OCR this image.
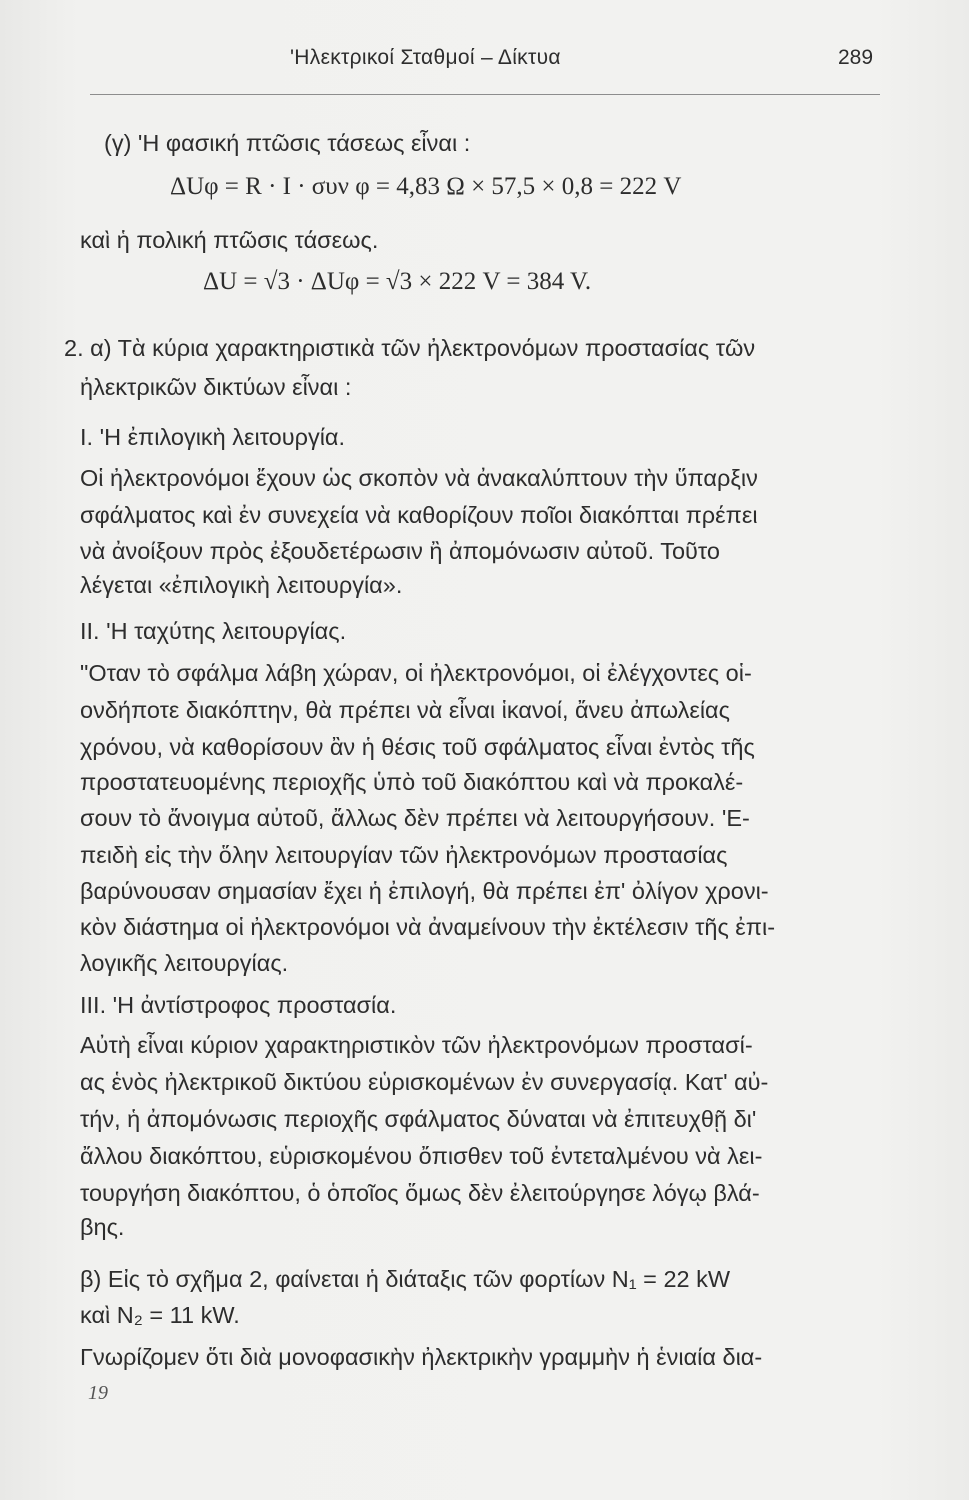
'Ηλεκτρικοί Σταθμοί – Δίκτυα	289
(γ) 'Η φασική πτῶσις τάσεως εἶναι :
ΔUφ = R · I · συν φ = 4,83 Ω × 57,5 × 0,8 = 222 V
καὶ ἡ πολική πτῶσις τάσεως.
ΔU = √3 · ΔUφ = √3 × 222 V = 384 V.
2. α) Τὰ κύρια χαρακτηριστικὰ τῶν ἠλεκτρονόμων προστασίας τῶν
ἠλεκτρικῶν δικτύων εἶναι :
Ι. 'Η ἐπιλογικὴ λειτουργία.
Οἱ ἠλεκτρονόμοι ἔχουν ὡς σκοπὸν νὰ ἀνακαλύπτουν τὴν ὕπαρξιν
σφάλματος καὶ ἐν συνεχεία νὰ καθορίζουν ποῖοι διακόπται πρέπει
νὰ ἀνοίξουν πρὸς ἐξουδετέρωσιν ἢ ἀπομόνωσιν αὐτοῦ. Τοῦτο
λέγεται «ἐπιλογικὴ λειτουργία».
ΙΙ. 'Η ταχύτης λειτουργίας.
"Οταν τὸ σφάλμα λάβη χώραν, οἱ ἠλεκτρονόμοι, οἱ ἐλέγχοντες οἱ-
ονδήποτε διακόπτην, θὰ πρέπει νὰ εἶναι ἱκανοί, ἄνευ ἀπωλείας
χρόνου, νὰ καθορίσουν ἂν ἡ θέσις τοῦ σφάλματος εἶναι ἐντὸς τῆς
προστατευομένης περιοχῆς ὑπὸ τοῦ διακόπτου καὶ νὰ προκαλέ-
σουν τὸ ἄνοιγμα αὐτοῦ, ἄλλως δὲν πρέπει νὰ λειτουργήσουν. 'Ε-
πειδὴ εἰς τὴν ὅλην λειτουργίαν τῶν ἠλεκτρονόμων προστασίας
βαρύνουσαν σημασίαν ἔχει ἡ ἐπιλογή, θὰ πρέπει ἐπ' ὀλίγον χρονι-
κὸν διάστημα οἱ ἠλεκτρονόμοι νὰ ἀναμείνουν τὴν ἐκτέλεσιν τῆς ἐπι-
λογικῆς λειτουργίας.
ΙΙΙ. 'Η ἀντίστροφος προστασία.
Αὐτὴ εἶναι κύριον χαρακτηριστικὸν τῶν ἠλεκτρονόμων προστασί-
ας ἑνὸς ἠλεκτρικοῦ δικτύου εὑρισκομένων ἐν συνεργασίᾳ. Κατ' αὐ-
τήν, ἡ ἀπομόνωσις περιοχῆς σφάλματος δύναται νὰ ἐπιτευχθῇ δι'
ἄλλου διακόπτου, εὑρισκομένου ὄπισθεν τοῦ ἐντεταλμένου νὰ λει-
τουργήση διακόπτου, ὁ ὁποῖος ὅμως δὲν ἐλειτούργησε λόγῳ βλά-
βης.
β) Εἰς τὸ σχῆμα 2, φαίνεται ἡ διάταξις τῶν φορτίων N₁ = 22 kW
καὶ N₂ = 11 kW.
Γνωρίζομεν ὅτι διὰ μονοφασικὴν ἠλεκτρικὴν γραμμὴν ἡ ἑνιαία δια-
19
